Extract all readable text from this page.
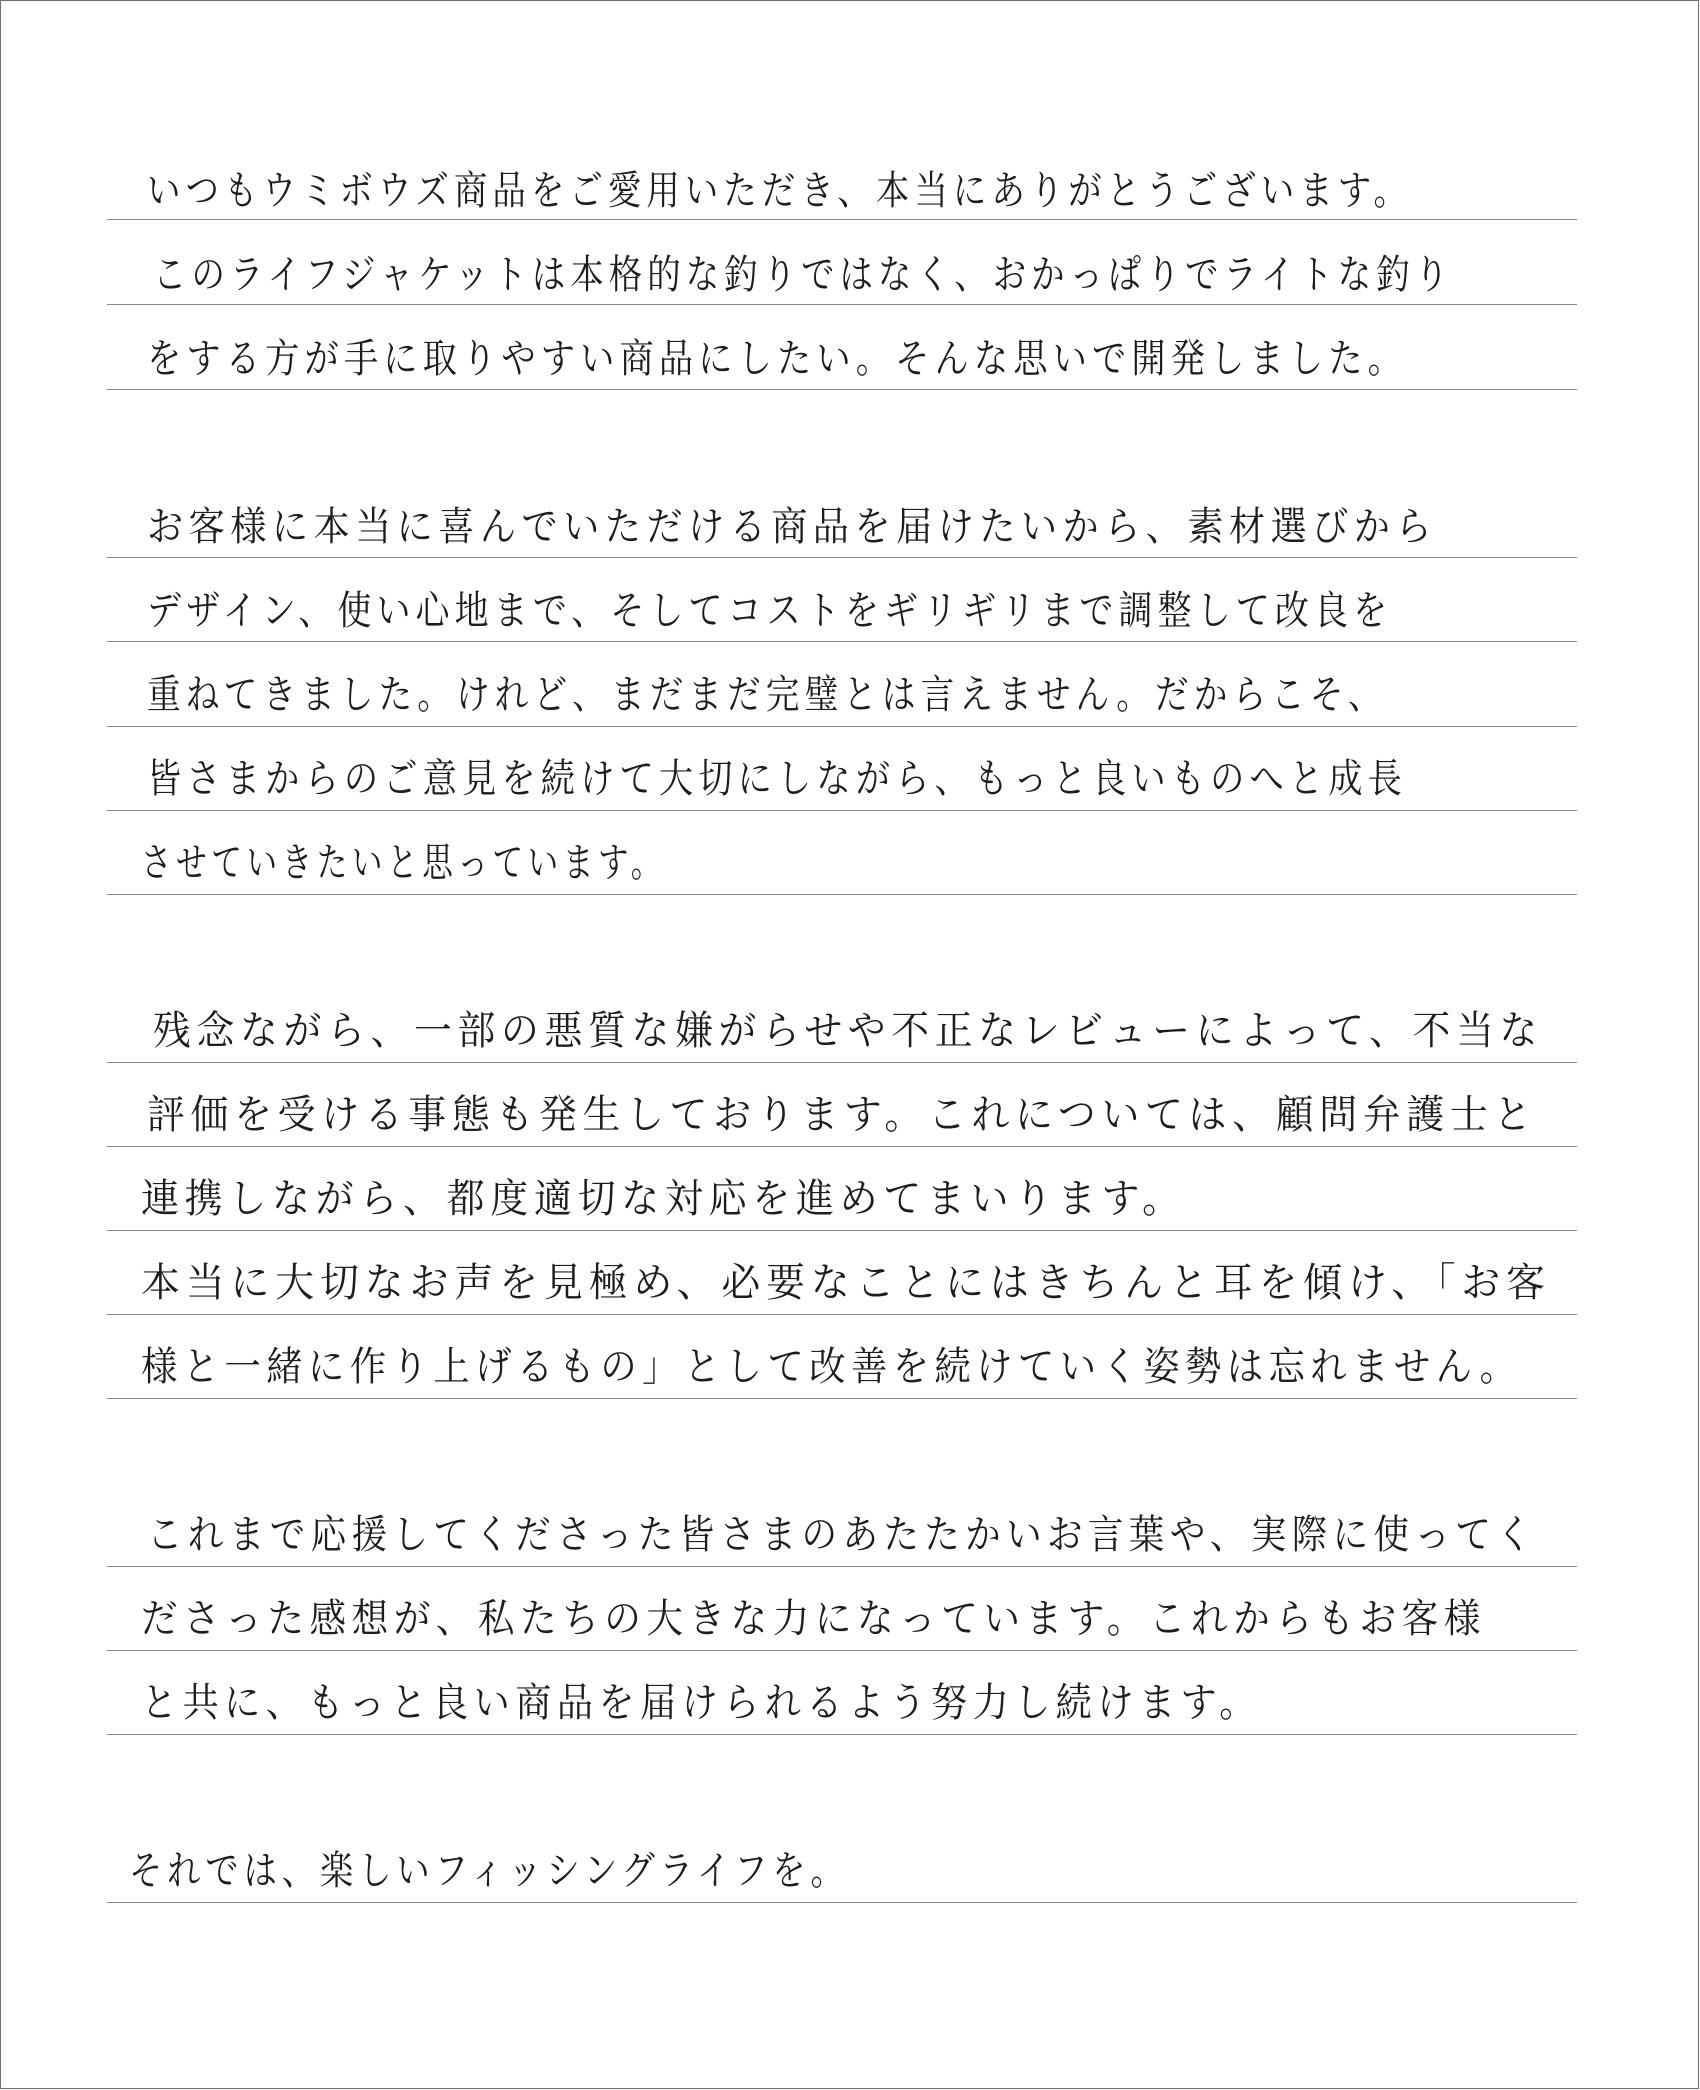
いつもウミボウズ商品をご愛用いただき、本当にありがとうございます。
このライフジャケットは本格的な釣りではなく、おかっぱりでライトな釣り
をする方が手に取りやすい商品にしたい。そんな思いで開発しました。
お客様に本当に喜んでいただける商品を届けたいから、素材選びから
デザイン、使い心地まで、そしてコストをギリギリまで調整して改良を
重ねてきました。けれど、まだまだ完璧とは言えません。だからこそ、
皆さまからのご意見を続けて大切にしながら、もっと良いものへと成長
させていきたいと思っています。
残念ながら、一部の悪質な嫌がらせや不正なレビューによって、不当な
評価を受ける事態も発生しております。これについては、顧問弁護士と
連携しながら、都度適切な対応を進めてまいります。
本当に大切なお声を見極め、必要なことにはきちんと耳を傾け、「お客
様と一緒に作り上げるもの」として改善を続けていく姿勢は忘れません。
これまで応援してくださった皆さまのあたたかいお言葉や、実際に使ってく
ださった感想が、私たちの大きな力になっています。これからもお客様
と共に、もっと良い商品を届けられるよう努力し続けます。
それでは、楽しいフィッシングライフを。
